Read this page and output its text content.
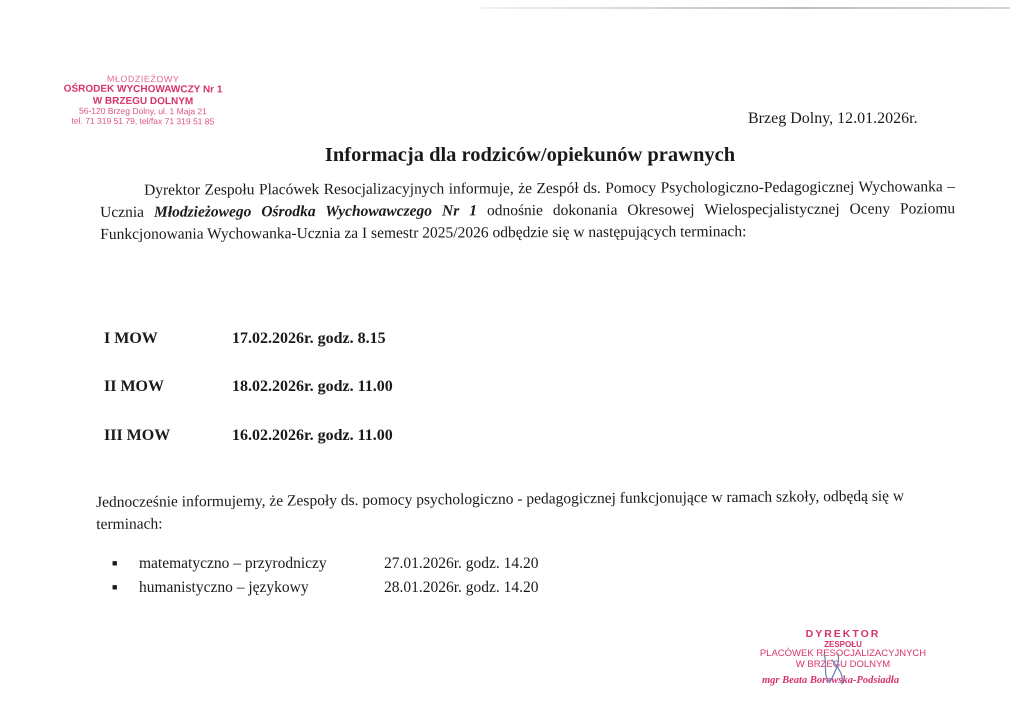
MŁODZIEŻOWY
OŚRODEK WYCHOWAWCZY Nr 1
W BRZEGU DOLNYM
56-120 Brzeg Dolny, ul. 1 Maja 21
tel. 71 319 51 79, tel/fax 71 319 51 85	Brzeg Dolny, 12.01.2026r.
Informacja dla rodziców/opiekunów prawnych

Dyrektor Zespołu Placówek Resocjalizacyjnych informuje, że Zespół ds. Pomocy Psychologiczno-Pedagogicznej Wychowanka – Ucznia Młodzieżowego Ośrodka Wychowawczego Nr 1 odnośnie dokonania Okresowej Wielospecjalistycznej Oceny Poziomu Funkcjonowania Wychowanka-Ucznia za I semestr 2025/2026 odbędzie się w następujących terminach:

I MOW	17.02.2026r. godz. 8.15
II MOW	18.02.2026r. godz. 11.00
III MOW	16.02.2026r. godz. 11.00

Jednocześnie informujemy, że Zespoły ds. pomocy psychologiczno - pedagogicznej funkcjonujące w ramach szkoły, odbędą się w terminach:

■ matematyczno – przyrodniczy	27.01.2026r. godz. 14.20
■ humanistyczno – językowy	28.01.2026r. godz. 14.20
DYREKTOR
ZESPOŁU
PLACÓWEK RESOCJALIZACYJNYCH
W BRZEGU DOLNYM
mgr Beata Borowska-Podsiadła
